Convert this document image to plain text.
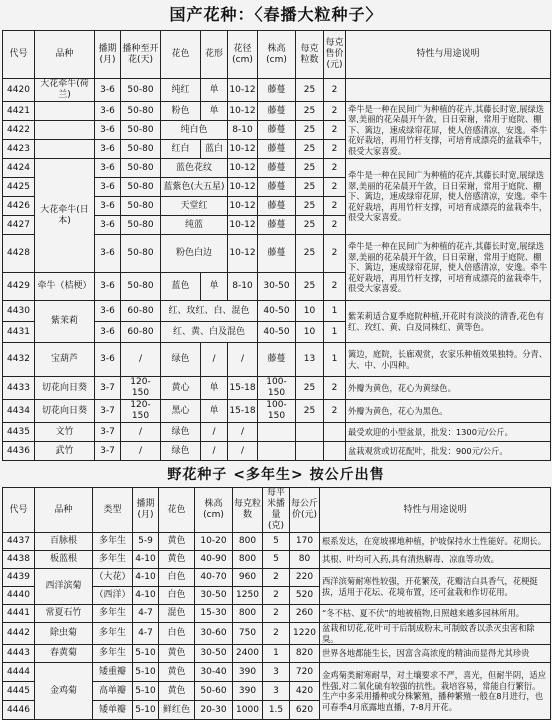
国产花种：〈春播大粒种子〉
代号	品种	播期(月)	播种至开花(天)	花色	花形	花径(cm)	株高(cm)	每克粒数	每克售价(元)	特性与用途说明
4420	大花牵牛(荷兰)	3-6	50-80	纯红	单	10-12	藤蔓	25	2	
4421		3-6	50-80	粉色	单	10-12	藤蔓	25	2	牵牛是一种在民间广为种植的花卉,其藤长时宽,展绿迭翠,美丽的花朵晨开午敛，日日荣谢，常用于庭院、棚下、篱边，速成绿帘花屏，使人倍感清凉，安逸。牵牛花好栽培，再用竹杆支撑，可培育成漂亮的盆栽牵牛，很受大家喜爱。
4422		3-6	50-80	纯白色		8-10	藤蔓	25	2	
4423		3-6	50-80	红白	蓝白	10-12	藤蔓	25	2	
4424	大花牵牛(日本)	3-6	50-80	蓝色花纹		10-12	藤蔓	25	2	牵牛是一种在民间广为种植的花卉,其藤长时宽,展绿迭翠,美丽的花朵晨开午敛，日日荣谢，常用于庭院、棚下、篱边，速成绿帘花屏，使人倍感清凉，安逸。牵牛花好栽培，再用竹杆支撑，可培育成漂亮的盆栽牵牛，很受大家喜爱。
4425		3-6	50-80	蓝紫色(大五星)		10-12	藤蔓	25	2	
4426		3-6	50-80	天堂红		10-12	藤蔓	25	2	
4427		3-6	50-80	纯蓝		10-12	藤蔓	25	2	
4428		3-6	50-80	粉色白边		10-12	藤蔓	25	2	牵牛是一种在民间广为种植的花卉,其藤长时宽,展绿迭翠,美丽的花朵晨开午敛，日日荣谢，常用于庭院、棚下、篱边，速成绿帘花屏，使人倍感清凉，安逸。牵牛花好栽培，再用竹杆支撑，可培育成漂亮的盆栽牵牛，很受大家喜爱。
4429	牵牛（桔梗）	3-6	50-80	蓝色	单	8-10	30-50	25	2	
4430	紫茉莉	3-6	60-80	红、玫红、白、混色			40-50	10	1	紫茉莉适合夏季庭院种植,开花时有淡淡的清香,花色有红、玫红、黄、白及同株红、黄等色。
4431		3-6	60-80	红、黄、白及混色			40-50	10	1	
4432	宝葫芦	3-6	/	绿色	/	/	藤蔓	13	1	篱边，庭院，长廊观赏，农家乐种植效果独特。分青、大、中、小四种。
4433	切花向日葵	3-7	120-150	黄心	单	15-18	100-150	25	2	外瓣为黄色，花心为黄绿色。
4434	切花向日葵	3-7	120-150	黑心	单	15-18	100-150	25	2	外瓣为黄色，花心为黑色。
4435	文竹	3-7	/	绿色	/	/				最受欢迎的小型盆景，批发：1300元/公斤。
4436	武竹	3-7	/	绿色	/	/				盆栽观赏或切花配叶，批发：900元/公斤。
野花种子 <多年生> 按公斤出售
代号	品种	类型	播期(月)	花色	株高(cm)	每克粒数	每平米播量(克)	每公斤价(元)	特性与用途说明
4437	百脉根	多年生	5-9	黄色	10-20	800	5	170	根系发达，在宽坡裸地种植，护坡保持水土性能好。花期长。
4438	板蓝根	多年生	4-10	黄色	40-90	800	5	80	其根、叶均可入药,具有清热解毒、凉血等功效。
4439	西洋滨菊	（大花）	4-10	白色	40-70	960	2	220	西洋滨菊耐寒性较强，开花繁茂，花瓣洁白具香气，花梗挺拔，适用于花坛、花境布置，还可盆栽和作切花用。
4440		（西洋）	4-10	白色	30-50	1250	2	520	
4441	常夏石竹	多年生	4-7	混色	15-30	800	2	260	“冬不枯、夏不伏”的地被植物,日照越来越多园林所用。
4442	除虫菊	多年生	4-7	白色	30-60	750	2	1220	盆栽和切花,花叶可干后制成粉末,可制蚊香以杀灭虫害和除臭。
4443	春黄菊	多年生	5-10	黄色	30-50	2400	1	820	世界各地都能生长，因富含高浓度的精油而显得尤其珍贵
4444	金鸡菊	矮重瓣	5-10	黄色	30-40	390	3	720	金鸡菊类耐寒耐旱，对土壤要求不严，喜光，但耐半阴，适应性强,对二氧化硫有较强的抗性。栽培容易，常能自行繁衍。生产中多采用播种或分株繁殖，播种繁殖一般在8月进行，也可春季4月底露地直播，7-8月开花。
4445		高单瓣	5-10	黄色	50-60	390	3	420	
4446		矮单瓣	5-10	鲜红色	20-30	1000	1.5	620	
